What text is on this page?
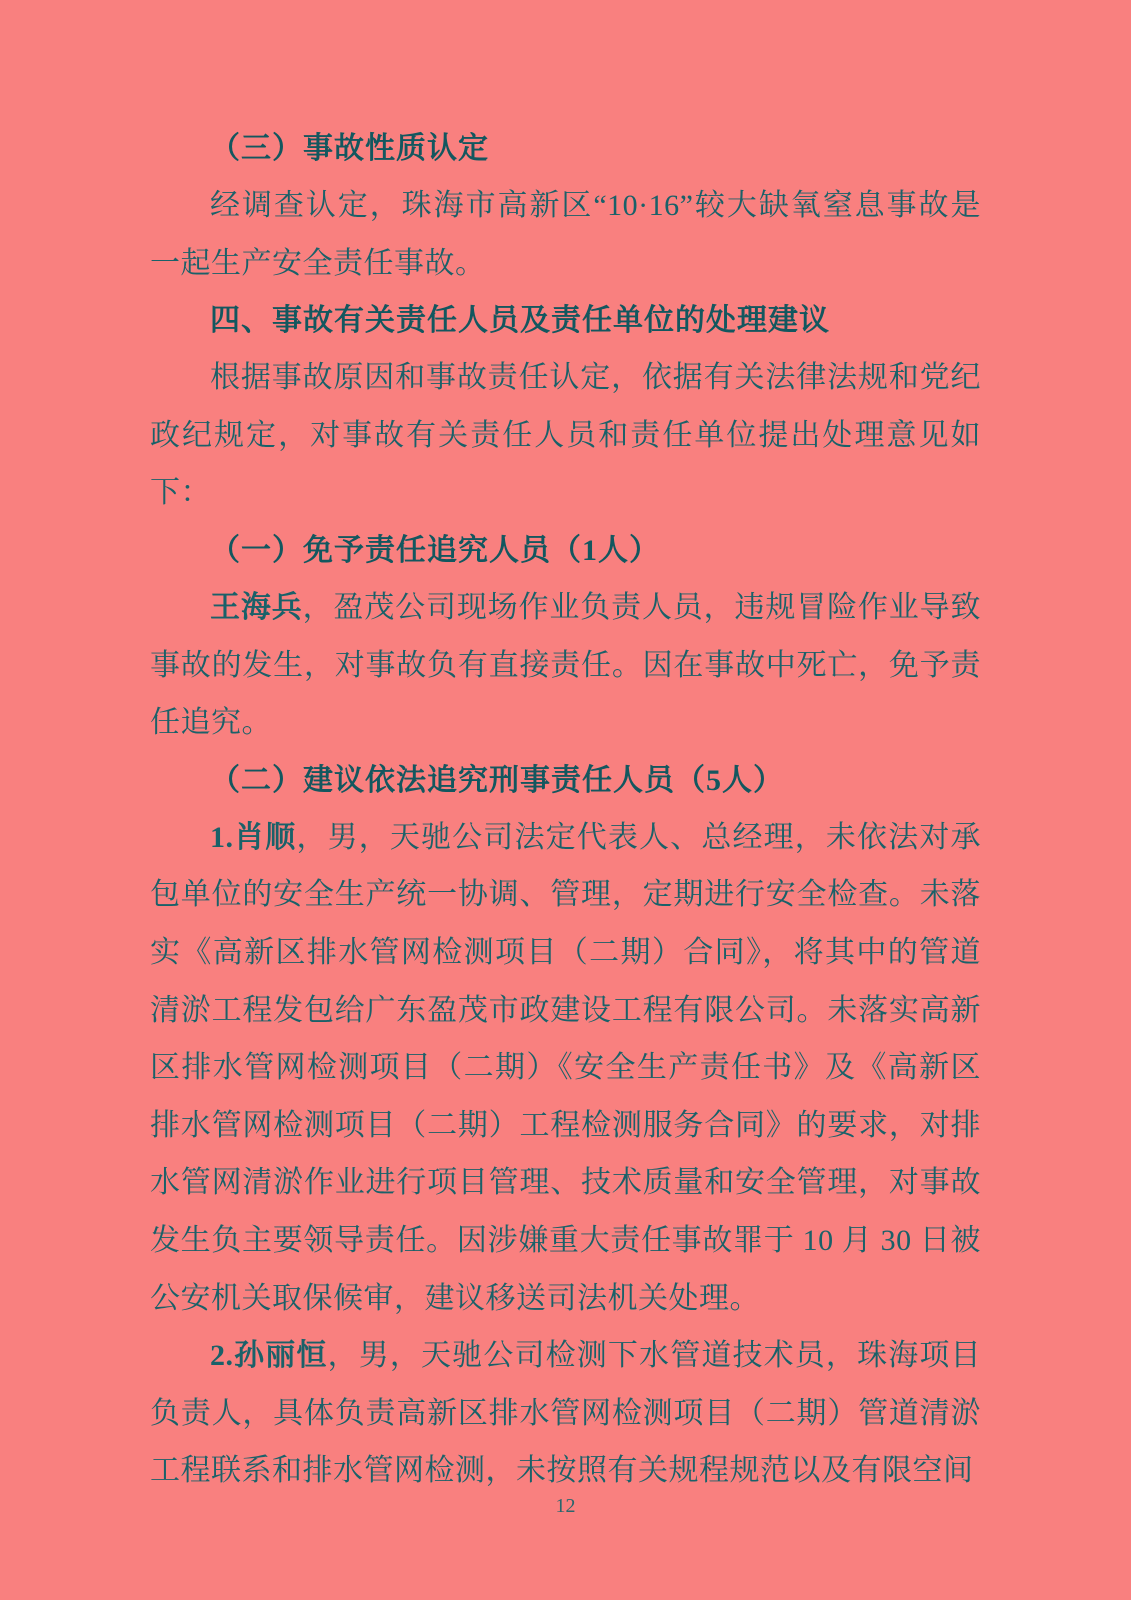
（三）事故性质认定

经调查认定，珠海市高新区“10·16”较大缺氧窒息事故是一起生产安全责任事故。

四、事故有关责任人员及责任单位的处理建议

根据事故原因和事故责任认定，依据有关法律法规和党纪政纪规定，对事故有关责任人员和责任单位提出处理意见如下：

（一）免予责任追究人员（1人）

王海兵，盈茂公司现场作业负责人员，违规冒险作业导致事故的发生，对事故负有直接责任。因在事故中死亡，免予责任追究。

（二）建议依法追究刑事责任人员（5人）

1.肖顺，男，天驰公司法定代表人、总经理，未依法对承包单位的安全生产统一协调、管理，定期进行安全检查。未落实《高新区排水管网检测项目（二期）合同》，将其中的管道清淤工程发包给广东盈茂市政建设工程有限公司。未落实高新区排水管网检测项目（二期）《安全生产责任书》及《高新区排水管网检测项目（二期）工程检测服务合同》的要求，对排水管网清淤作业进行项目管理、技术质量和安全管理，对事故发生负主要领导责任。因涉嫌重大责任事故罪于 10 月 30 日被公安机关取保候审，建议移送司法机关处理。

2.孙丽恒，男，天驰公司检测下水管道技术员，珠海项目负责人，具体负责高新区排水管网检测项目（二期）管道清淤工程联系和排水管网检测，未按照有关规程规范以及有限空间

12
